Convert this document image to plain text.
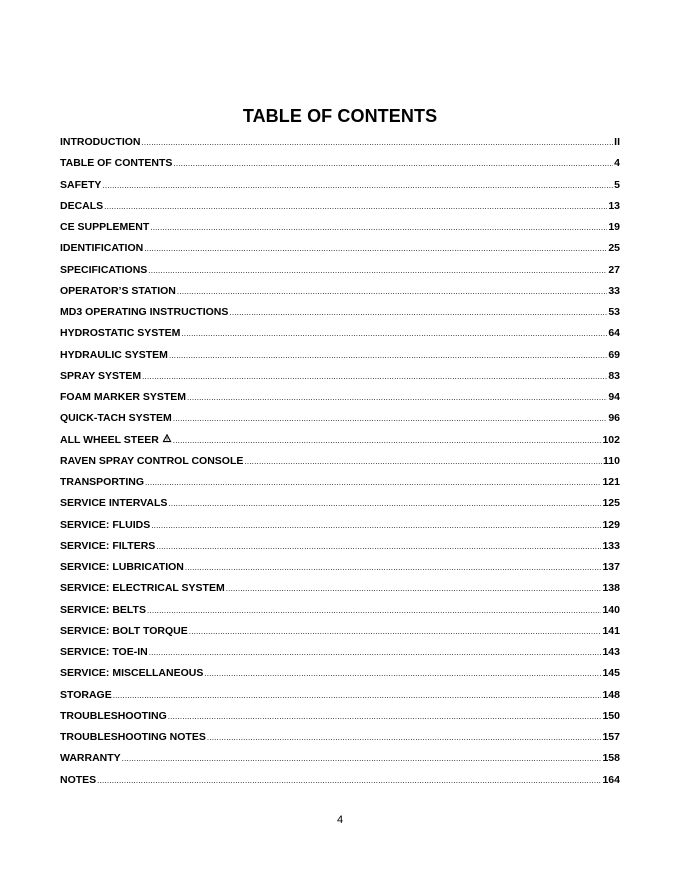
TABLE OF CONTENTS
INTRODUCTION .....	II
TABLE OF CONTENTS .....	4
SAFETY .....	5
DECALS .....	13
CE SUPPLEMENT .....	19
IDENTIFICATION .....	25
SPECIFICATIONS .....	27
OPERATOR’S STATION .....	33
MD3 OPERATING INSTRUCTIONS .....	53
HYDROSTATIC SYSTEM .....	64
HYDRAULIC SYSTEM .....	69
SPRAY SYSTEM .....	83
FOAM MARKER SYSTEM .....	94
QUICK-TACH SYSTEM .....	96
ALL WHEEL STEER .....	102
RAVEN SPRAY CONTROL CONSOLE .....	110
TRANSPORTING .....	121
SERVICE INTERVALS .....	125
SERVICE: FLUIDS .....	129
SERVICE: FILTERS .....	133
SERVICE: LUBRICATION .....	137
SERVICE: ELECTRICAL SYSTEM .....	138
SERVICE: BELTS .....	140
SERVICE: BOLT TORQUE .....	141
SERVICE: TOE-IN .....	143
SERVICE: MISCELLANEOUS .....	145
STORAGE .....	148
TROUBLESHOOTING .....	150
TROUBLESHOOTING NOTES .....	157
WARRANTY .....	158
NOTES .....	164
4
